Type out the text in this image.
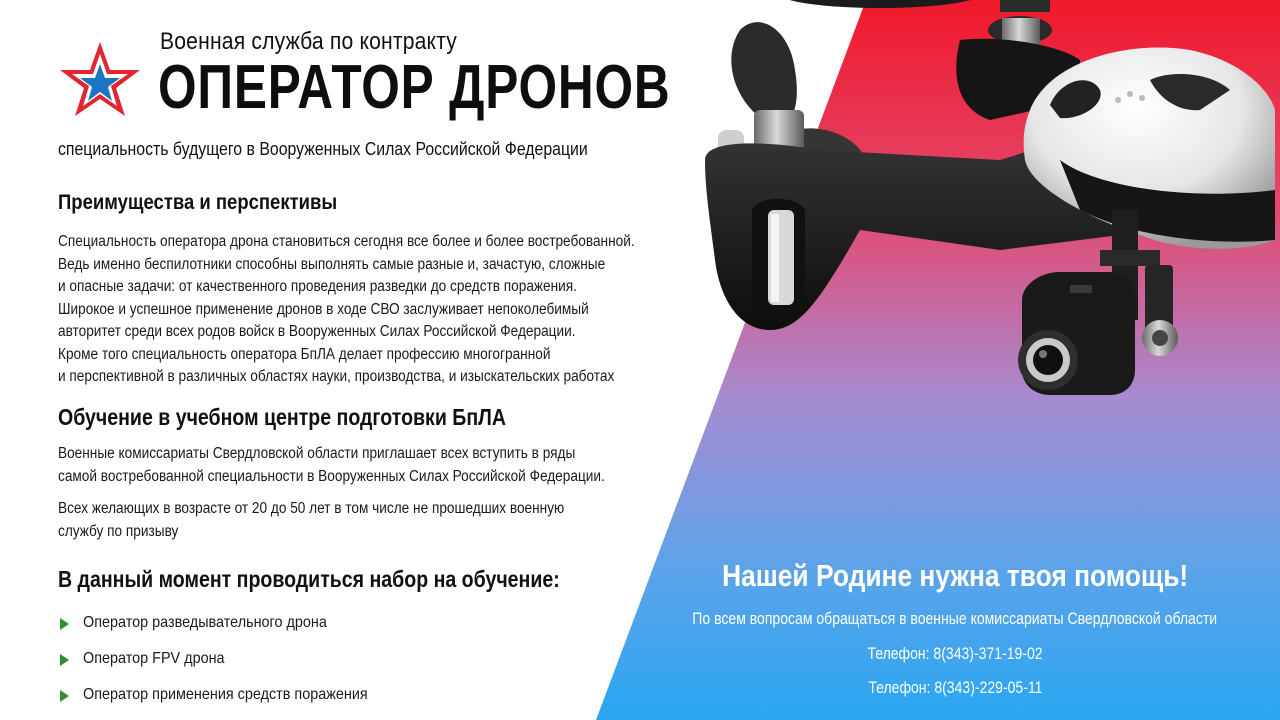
Военная служба по контракту
ОПЕРАТОР ДРОНОВ
специальность будущего в Вооруженных Силах Российской Федерации
Преимущества и перспективы
Специальность оператора дрона становиться сегодня все более и более востребованной.
Ведь именно беспилотники способны выполнять самые разные и, зачастую, сложные
и опасные задачи: от качественного проведения разведки до средств поражения.
Широкое и успешное применение дронов в ходе СВО заслуживает непоколебимый
авторитет среди всех родов войск в Вооруженных Силах Российской Федерации.
Кроме того специальность оператора БпЛА делает профессию многогранной
и перспективной в различных областях науки, производства, и изыскательских работах
Обучение в учебном центре подготовки БпЛА
Военные комиссариаты Свердловской области приглашает всех вступить в ряды
самой востребованной специальности в Вооруженных Силах Российской Федерации.
Всех желающих в возрасте от 20 до 50 лет в том числе не прошедших военную
службу по призыву
В данный момент проводиться набор на обучение:
Оператор разведывательного дрона
Оператор FPV дрона
Оператор применения средств поражения
Нашей Родине нужна твоя помощь!
По всем вопросам обращаться в военные комиссариаты Свердловской области
Телефон: 8(343)-371-19-02
Телефон: 8(343)-229-05-11
